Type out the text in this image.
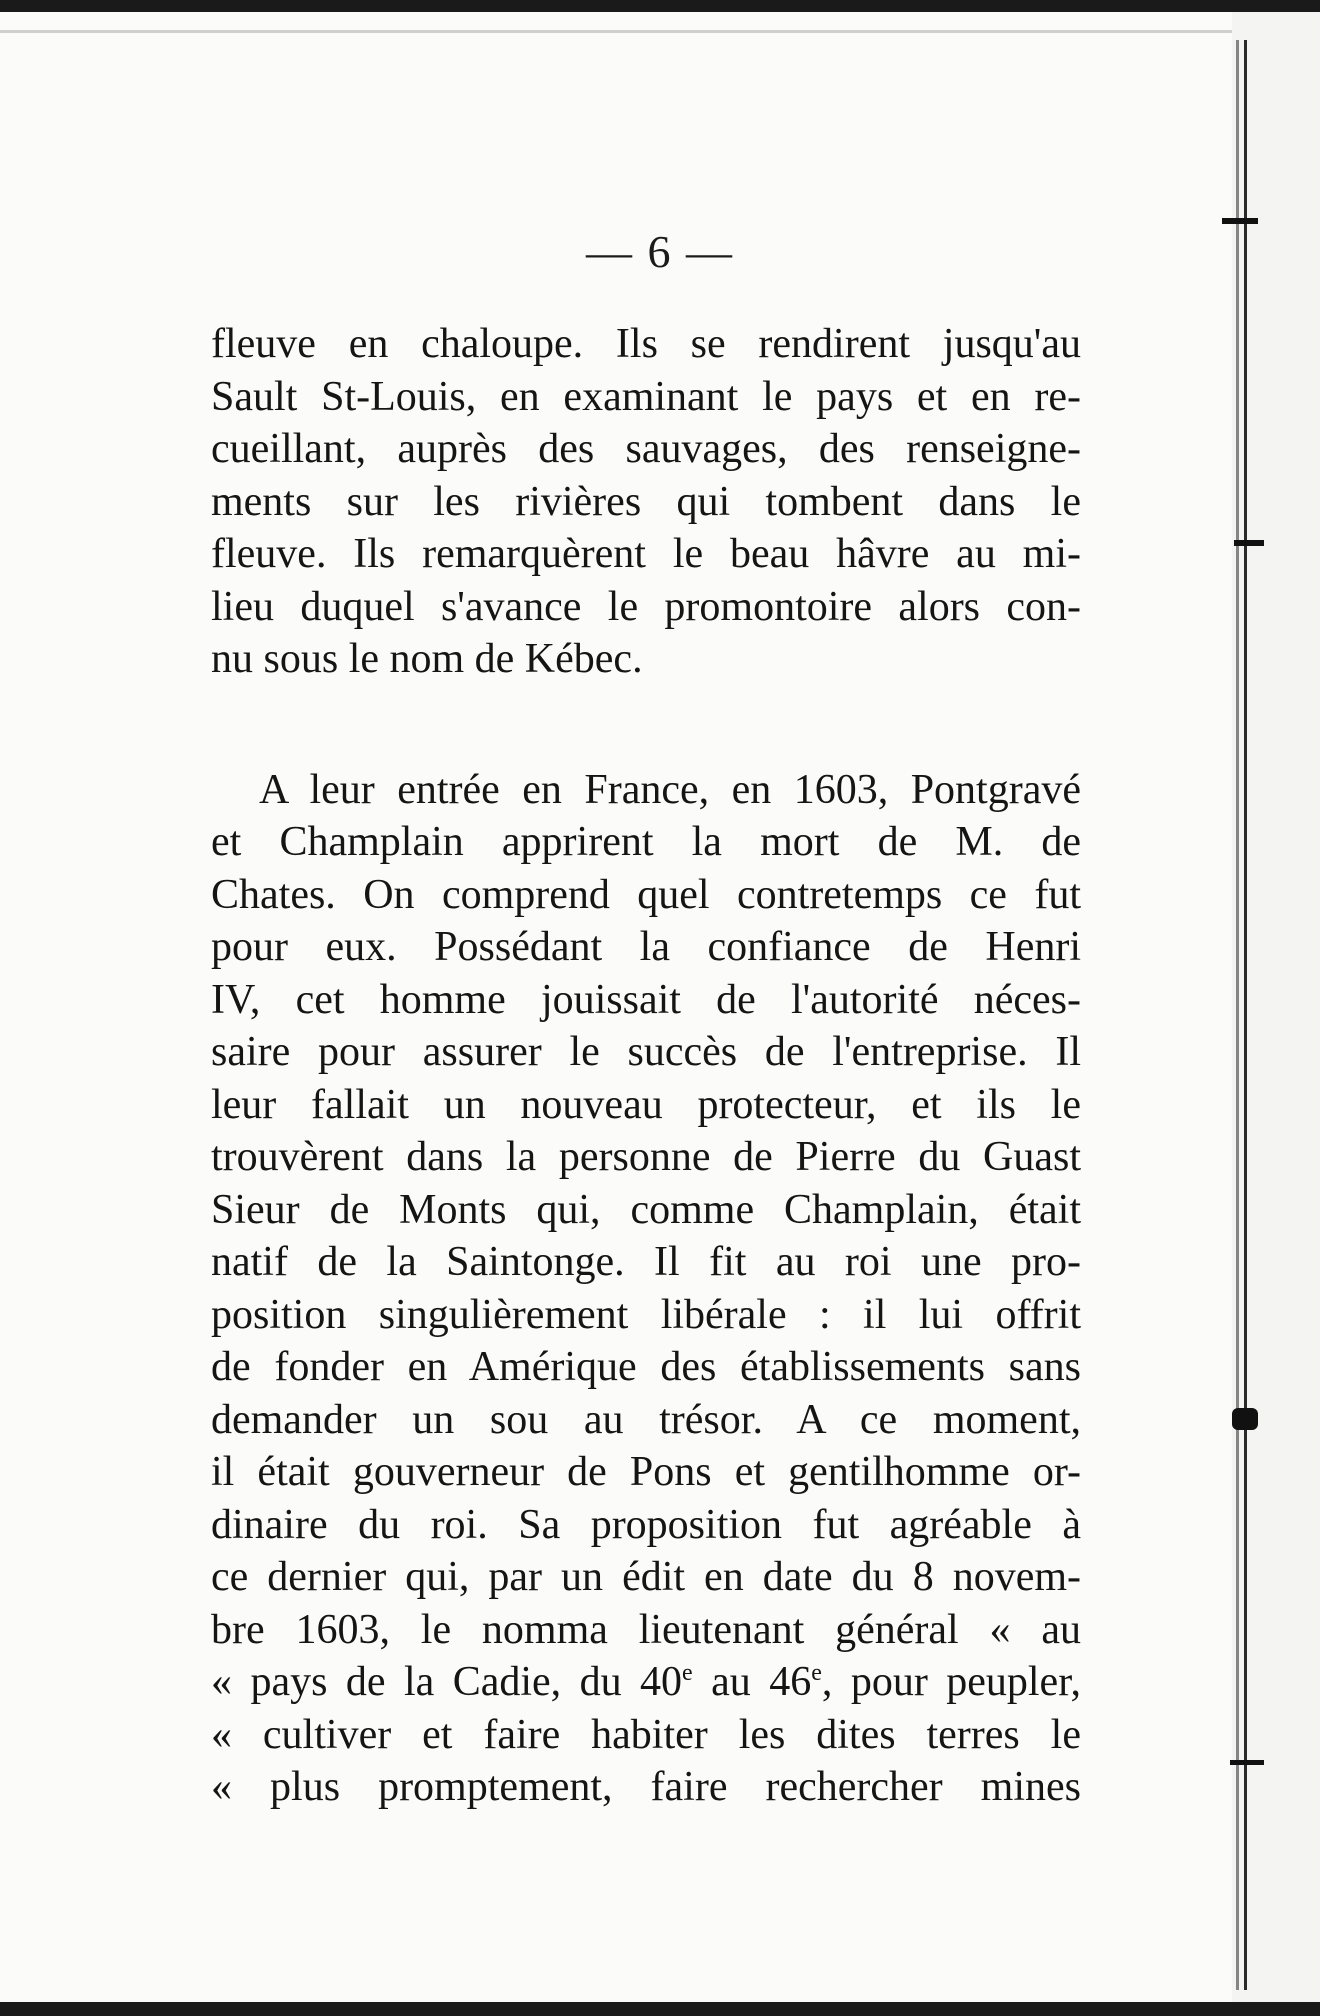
— 6 —
fleuve en chaloupe. Ils se rendirent jusqu'au
Sault St-Louis, en examinant le pays et en re-
cueillant, auprès des sauvages, des renseigne-
ments sur les rivières qui tombent dans le
fleuve. Ils remarquèrent le beau hâvre au mi-
lieu duquel s'avance le promontoire alors con-
nu sous le nom de Kébec.
A leur entrée en France, en 1603, Pontgravé
et Champlain apprirent la mort de M. de
Chates. On comprend quel contretemps ce fut
pour eux. Possédant la confiance de Henri
IV, cet homme jouissait de l'autorité néces-
saire pour assurer le succès de l'entreprise. Il
leur fallait un nouveau protecteur, et ils le
trouvèrent dans la personne de Pierre du Guast
Sieur de Monts qui, comme Champlain, était
natif de la Saintonge. Il fit au roi une pro-
position singulièrement libérale : il lui offrit
de fonder en Amérique des établissements sans
demander un sou au trésor. A ce moment,
il était gouverneur de Pons et gentilhomme or-
dinaire du roi. Sa proposition fut agréable à
ce dernier qui, par un édit en date du 8 novem-
bre 1603, le nomma lieutenant général « au
« pays de la Cadie, du 40e au 46e, pour peupler,
« cultiver et faire habiter les dites terres le
« plus promptement, faire rechercher mines
